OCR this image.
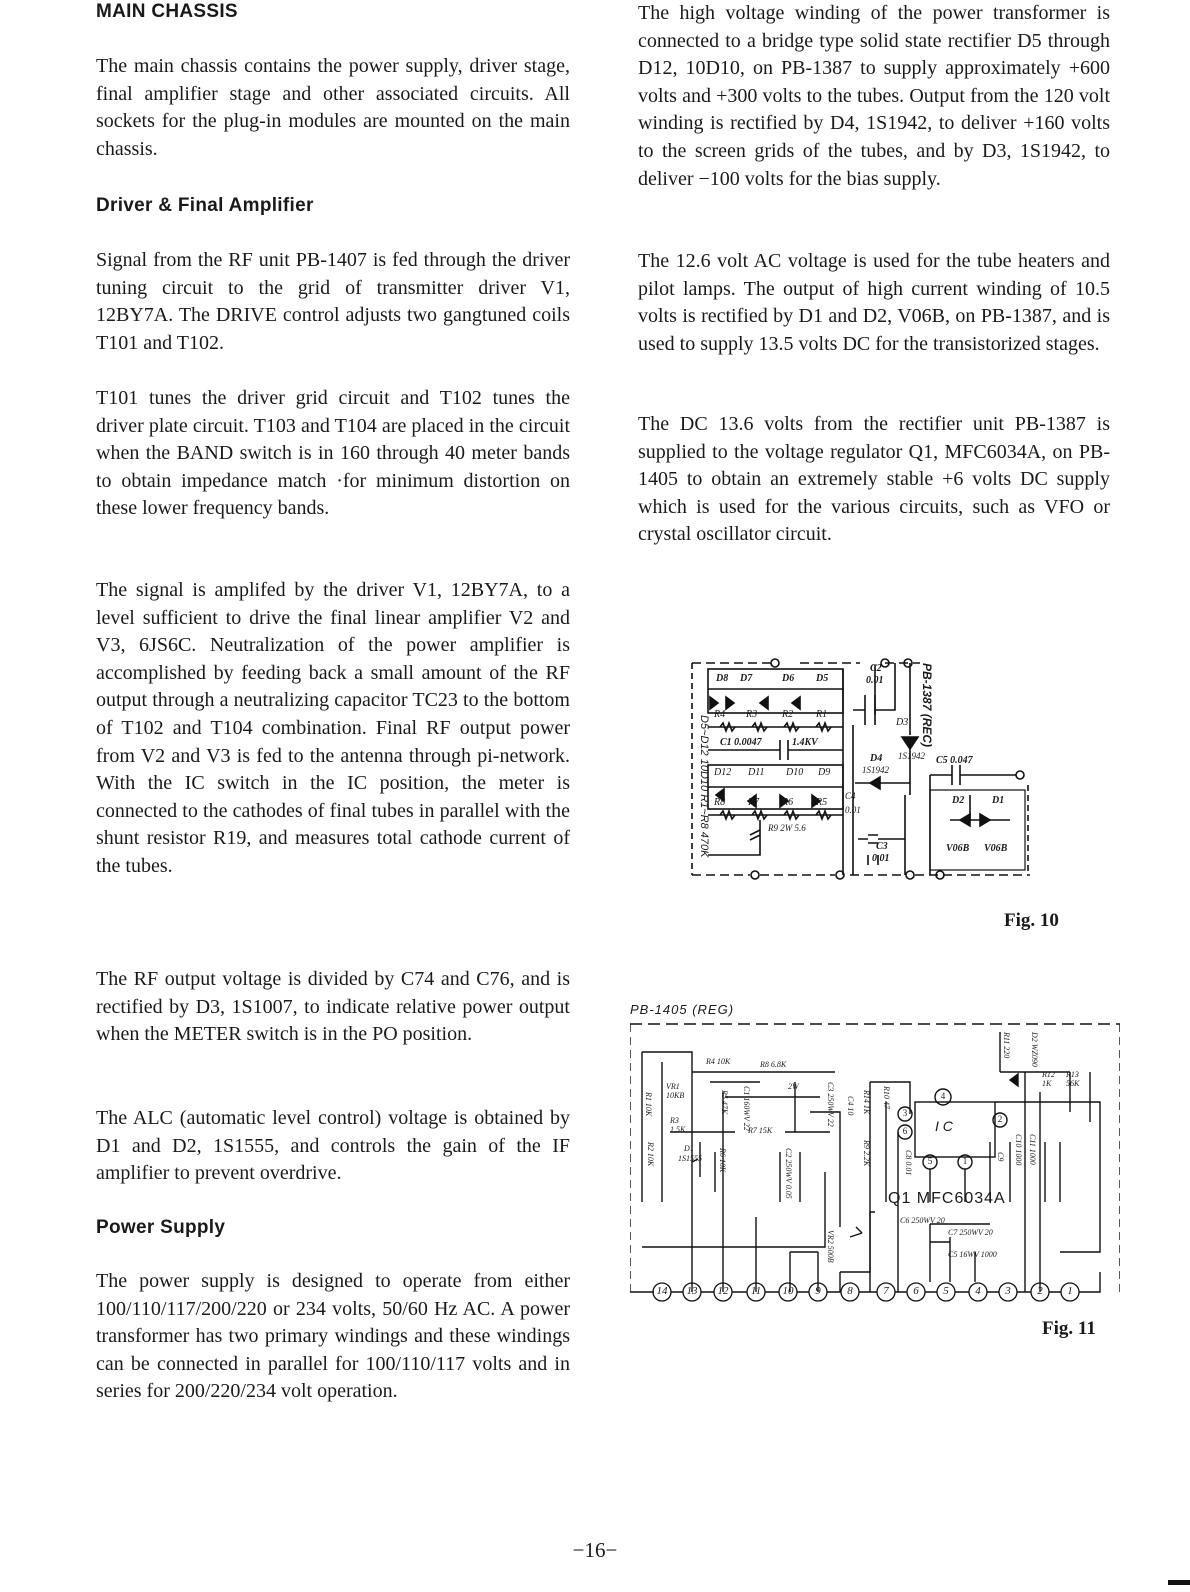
MAIN CHASSIS

The main chassis contains the power supply, driver stage, final amplifier stage and other associated circuits. All sockets for the plug-in modules are mounted on the main chassis.

Driver & Final Amplifier

Signal from the RF unit PB-1407 is fed through the driver tuning circuit to the grid of transmitter driver V1, 12BY7A. The DRIVE control adjusts two gangtuned coils T101 and T102.

T101 tunes the driver grid circuit and T102 tunes the driver plate circuit. T103 and T104 are placed in the circuit when the BAND switch is in 160 through 40 meter bands to obtain impedance match ·for minimum distortion on these lower frequency bands.

The signal is amplifed by the driver V1, 12BY7A, to a level sufficient to drive the final linear amplifier V2 and V3, 6JS6C. Neutralization of the power amplifier is accomplished by feeding back a small amount of the RF output through a neutralizing capacitor TC23 to the bottom of T102 and T104 combination. Final RF output power from V2 and V3 is fed to the antenna through pi-network. With the IC switch in the IC position, the meter is connected to the cathodes of final tubes in parallel with the shunt resistor R19, and measures total cathode current of the tubes.

The RF output voltage is divided by C74 and C76, and is rectified by D3, 1S1007, to indicate relative power output when the METER switch is in the PO position.

The ALC (automatic level control) voltage is obtained by D1 and D2, 1S1555, and controls the gain of the IF amplifier to prevent overdrive.

Power Supply

The power supply is designed to operate from either 100/110/117/200/220 or 234 volts, 50/60 Hz AC. A power transformer has two primary windings and these windings can be connected in parallel for 100/110/117 volts and in series for 200/220/234 volt operation.

The high voltage winding of the power transformer is connected to a bridge type solid state rectifier D5 through D12, 10D10, on PB-1387 to supply approximately +600 volts and +300 volts to the tubes. Output from the 120 volt winding is rectified by D4, 1S1942, to deliver +160 volts to the screen grids of the tubes, and by D3, 1S1942, to deliver −100 volts for the bias supply.

The 12.6 volt AC voltage is used for the tube heaters and pilot lamps. The output of high current winding of 10.5 volts is rectified by D1 and D2, V06B, on PB-1387, and is used to supply 13.5 volts DC for the transistorized stages.

The DC 13.6 volts from the rectifier unit PB-1387 is supplied to the voltage regulator Q1, MFC6034A, on PB-1405 to obtain an extremely stable +6 volts DC supply which is used for the various circuits, such as VFO or crystal oscillator circuit.

D5~D12 10D10 R1~R8 470K
PB-1387 (REC)
D8 D7	D6 D5
R4 R3 R2 R1
C1 0.0047	1.4KV
D12 D11 D10 D9
R8 R7 R6 R5
R9 2W 5.6
C2
0.01
D3
1S1942
D4
1S1942
C3
0.01
C4
0.01
C5 0.047
D2	D1
V06B V06B
Fig. 10
PB-1405 (REG)
I C
Q1 MFC6034A
R4 10K	R8 6.8K
2W
VR1 10KB
R1 10K	R5 47K C1 160WV 22	C3 250WV 22
R3 1.5K	R7 15K
D1
1S1555
R2 10K	R6 10K	C2 250WV 0.05
VR2 500B
C4 10 R14 1K R10 47
R9 2.2K	C8 0.01
R11 220 D2 WZ090
R12 1K
R13 56K
C9 C10 1000 C11 1000
C6 250WV 20
C7 250WV 20
C5 16WV 1000
14 13 12 11 10	9	8	7	6	5	4	3	2	1
3
4
2
6
5	1
Fig. 11
−16−
